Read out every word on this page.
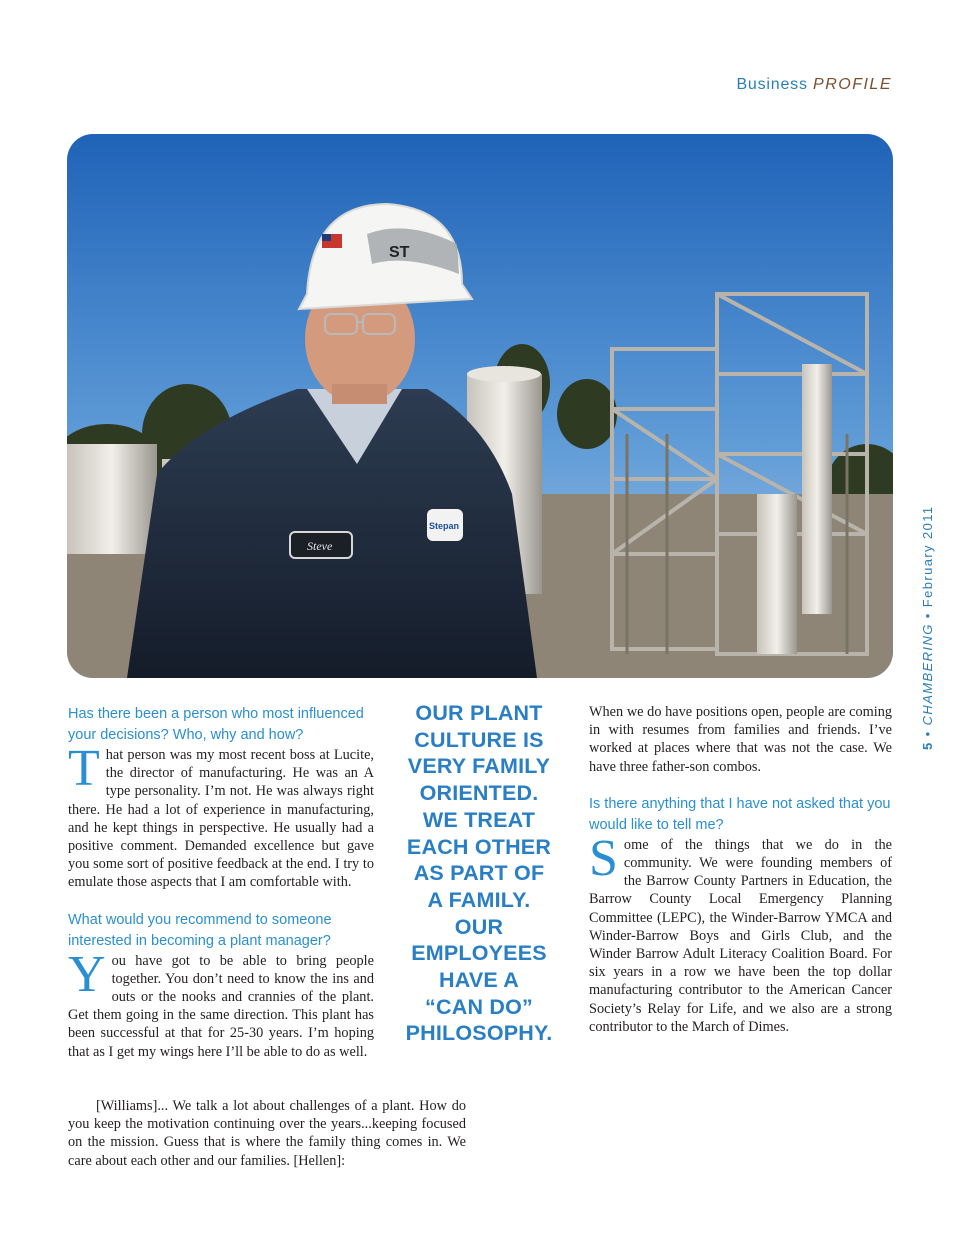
Business PROFILE
ST
Steve
Stepan
5 • CHAMBERING • February 2011

Has there been a person who most influenced your decisions? Who, why and how?

That person was my most recent boss at Lucite, the director of manufacturing. He was an A type personality. I’m not. He was always right there. He had a lot of experience in manufacturing, and he kept things in perspective. He usually had a positive comment. Demanded excellence but gave you some sort of positive feedback at the end. I try to emulate those aspects that I am comfortable with.

What would you recommend to someone interested in becoming a plant manager?

You have got to be able to bring people together. You don’t need to know the ins and outs or the nooks and crannies of the plant. Get them going in the same direction. This plant has been successful at that for 25-30 years. I’m hoping that as I get my wings here I’ll be able to do as well.

[Williams]... We talk a lot about challenges of a plant. How do you keep the motivation continuing over the years...keeping focused on the mission. Guess that is where the family thing comes in. We care about each other and our families. [Hellen]:

OUR PLANT
CULTURE IS
VERY FAMILY
ORIENTED.
WE TREAT
EACH OTHER
AS PART OF
A FAMILY.
OUR
EMPLOYEES
HAVE A
“CAN DO”
PHILOSOPHY.

When we do have positions open, people are coming in with resumes from families and friends. I’ve worked at places where that was not the case. We have three father-son combos.

Is there anything that I have not asked that you would like to tell me?

Some of the things that we do in the community. We were founding members of the Barrow County Partners in Education, the Barrow County Local Emergency Planning Committee (LEPC), the Winder-Barrow YMCA and Winder-Barrow Boys and Girls Club, and the Winder Barrow Adult Literacy Coalition Board. For six years in a row we have been the top dollar manufacturing contributor to the American Cancer Society’s Relay for Life, and we also are a strong contributor to the March of Dimes.
